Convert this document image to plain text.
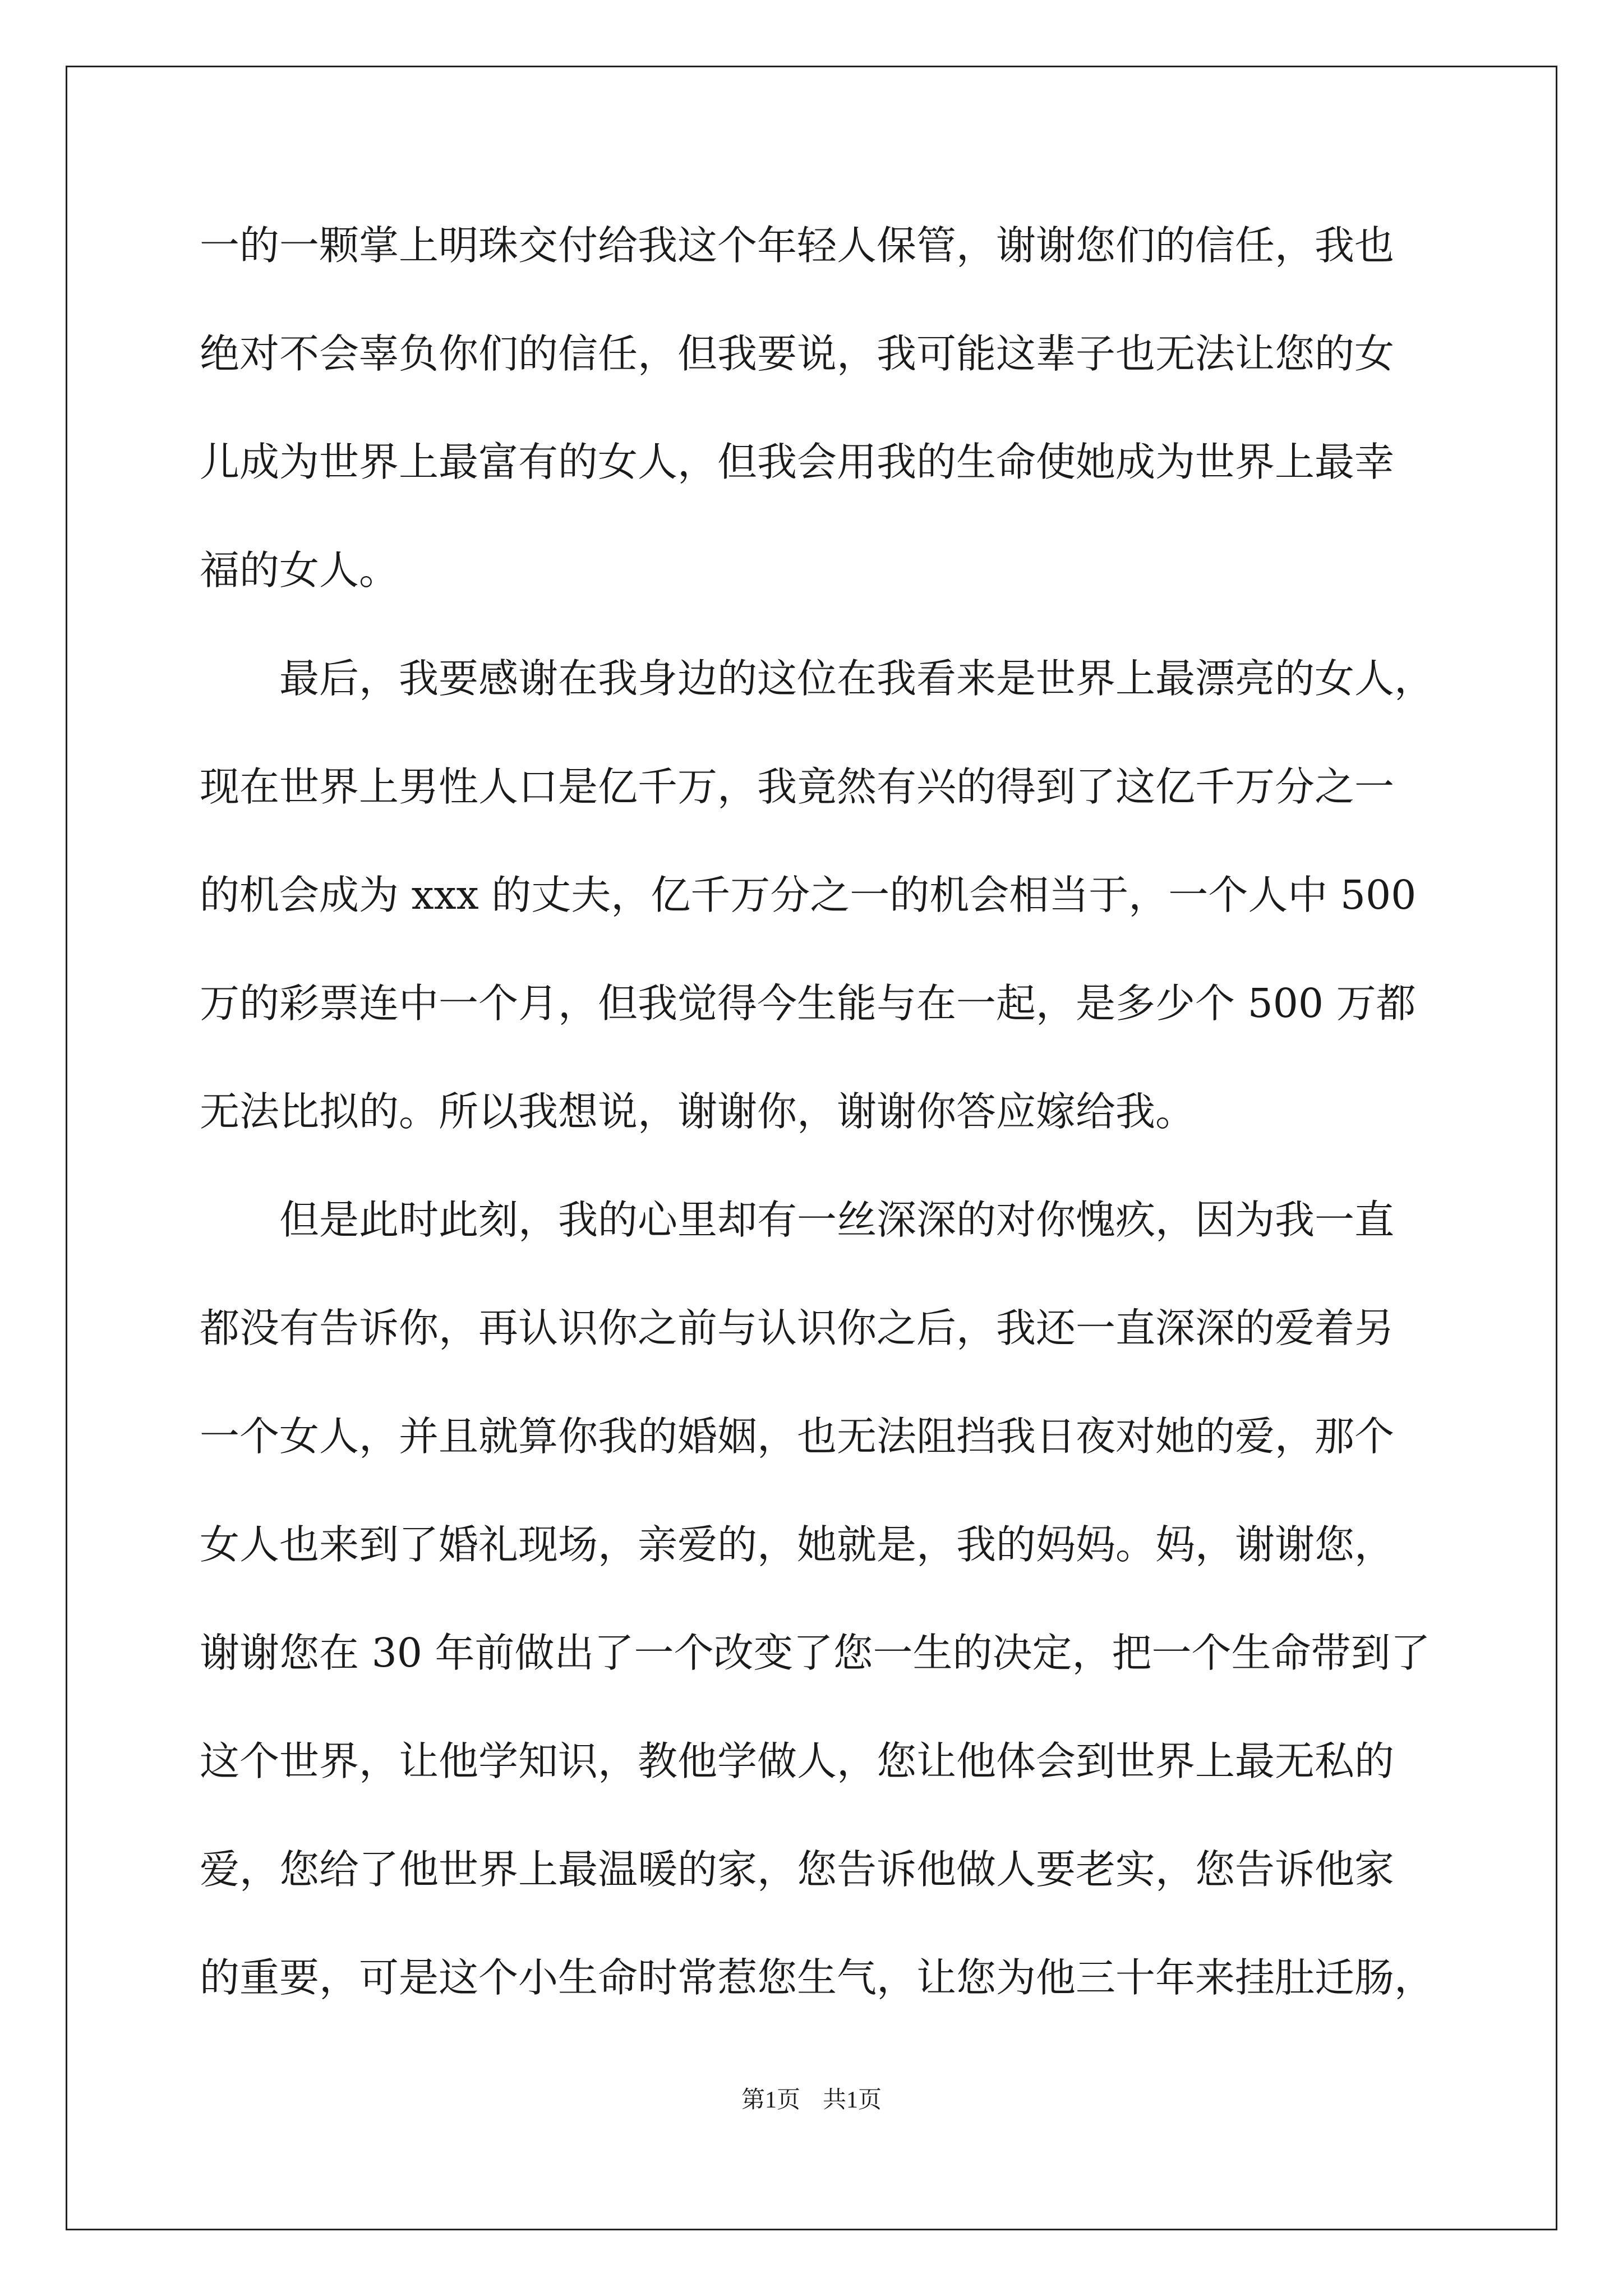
一的一颗掌上明珠交付给我这个年轻人保管，谢谢您们的信任，我也
绝对不会辜负你们的信任，但我要说，我可能这辈子也无法让您的女
儿成为世界上最富有的女人，但我会用我的生命使她成为世界上最幸
福的女人。
最后，我要感谢在我身边的这位在我看来是世界上最漂亮的女人，
现在世界上男性人口是亿千万，我竟然有兴的得到了这亿千万分之一
的机会成为 xxx 的丈夫，亿千万分之一的机会相当于，一个人中 500
万的彩票连中一个月，但我觉得今生能与在一起，是多少个 500 万都
无法比拟的。所以我想说，谢谢你，谢谢你答应嫁给我。
但是此时此刻，我的心里却有一丝深深的对你愧疚，因为我一直
都没有告诉你，再认识你之前与认识你之后，我还一直深深的爱着另
一个女人，并且就算你我的婚姻，也无法阻挡我日夜对她的爱，那个
女人也来到了婚礼现场，亲爱的，她就是，我的妈妈。妈，谢谢您，
谢谢您在 30 年前做出了一个改变了您一生的决定，把一个生命带到了
这个世界，让他学知识，教他学做人，您让他体会到世界上最无私的
爱，您给了他世界上最温暖的家，您告诉他做人要老实，您告诉他家
的重要，可是这个小生命时常惹您生气，让您为他三十年来挂肚迁肠，
第1页 共1页
